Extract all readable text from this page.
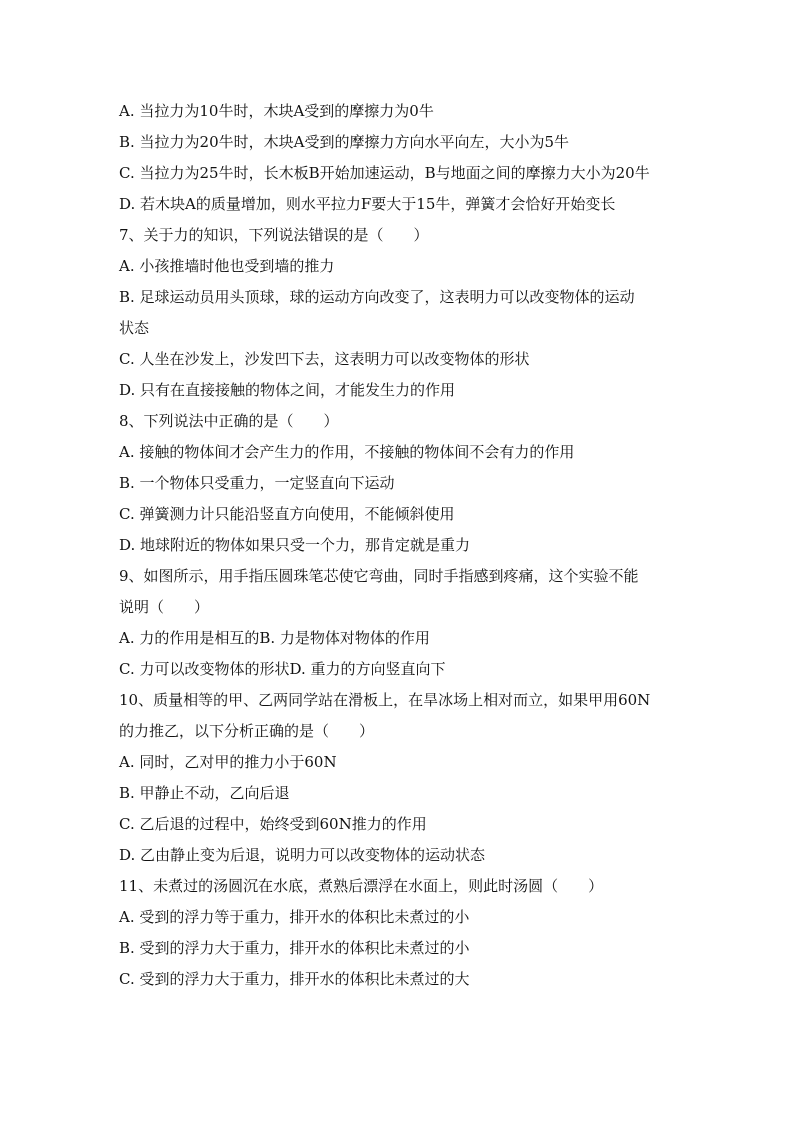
A. 当拉力为10牛时，木块A受到的摩擦力为0牛
B. 当拉力为20牛时，木块A受到的摩擦力方向水平向左，大小为5牛
C. 当拉力为25牛时，长木板B开始加速运动，B与地面之间的摩擦力大小为20牛
D. 若木块A的质量增加，则水平拉力F要大于15牛，弹簧才会恰好开始变长
7、关于力的知识，下列说法错误的是（　　）
A. 小孩推墙时他也受到墙的推力
B. 足球运动员用头顶球，球的运动方向改变了，这表明力可以改变物体的运动
状态
C. 人坐在沙发上，沙发凹下去，这表明力可以改变物体的形状
D. 只有在直接接触的物体之间，才能发生力的作用
8、下列说法中正确的是（　　）
A. 接触的物体间才会产生力的作用，不接触的物体间不会有力的作用
B. 一个物体只受重力，一定竖直向下运动
C. 弹簧测力计只能沿竖直方向使用，不能倾斜使用
D. 地球附近的物体如果只受一个力，那肯定就是重力
9、如图所示，用手指压圆珠笔芯使它弯曲，同时手指感到疼痛，这个实验不能
说明（　　）
A. 力的作用是相互的B. 力是物体对物体的作用
C. 力可以改变物体的形状D. 重力的方向竖直向下
10、质量相等的甲、乙两同学站在滑板上，在旱冰场上相对而立，如果甲用60N
的力推乙，以下分析正确的是（　　）
A. 同时，乙对甲的推力小于60N
B. 甲静止不动，乙向后退
C. 乙后退的过程中，始终受到60N推力的作用
D. 乙由静止变为后退，说明力可以改变物体的运动状态
11、未煮过的汤圆沉在水底，煮熟后漂浮在水面上，则此时汤圆（　　）
A. 受到的浮力等于重力，排开水的体积比未煮过的小
B. 受到的浮力大于重力，排开水的体积比未煮过的小
C. 受到的浮力大于重力，排开水的体积比未煮过的大
